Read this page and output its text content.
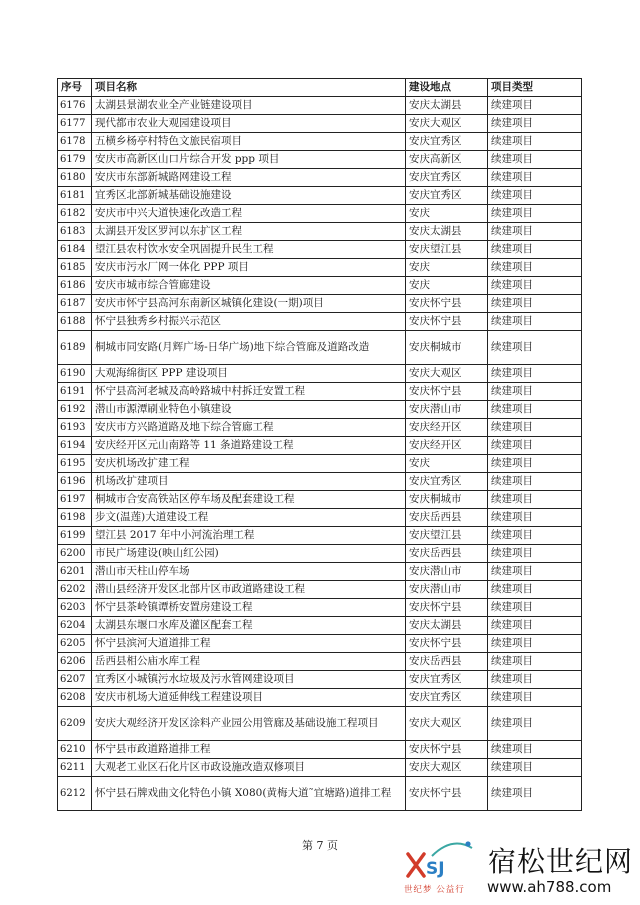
序号	项目名称	建设地点	项目类型
6176	太湖县景湖农业全产业链建设项目	安庆太湖县	续建项目
6177	现代都市农业大观园建设项目	安庆大观区	续建项目
6178	五横乡杨亭村特色文旅民宿项目	安庆宜秀区	续建项目
6179	安庆市高新区山口片综合开发 ppp 项目	安庆高新区	续建项目
6180	安庆市东部新城路网建设工程	安庆宜秀区	续建项目
6181	宜秀区北部新城基础设施建设	安庆宜秀区	续建项目
6182	安庆市中兴大道快速化改造工程	安庆	续建项目
6183	太湖县开发区罗河以东扩区工程	安庆太湖县	续建项目
6184	望江县农村饮水安全巩固提升民生工程	安庆望江县	续建项目
6185	安庆市污水厂网一体化 PPP 项目	安庆	续建项目
6186	安庆市城市综合管廊建设	安庆	续建项目
6187	安庆市怀宁县高河东南新区城镇化建设(一期)项目	安庆怀宁县	续建项目
6188	怀宁县独秀乡村振兴示范区	安庆怀宁县	续建项目
6189	桐城市同安路(月辉广场-日华广场)地下综合管廊及道路改造	安庆桐城市	续建项目
6190	大观海绵街区 PPP 建设项目	安庆大观区	续建项目
6191	怀宁县高河老城及高岭路城中村拆迁安置工程	安庆怀宁县	续建项目
6192	潜山市源潭刷业特色小镇建设	安庆潜山市	续建项目
6193	安庆市方兴路道路及地下综合管廊工程	安庆经开区	续建项目
6194	安庆经开区元山南路等 11 条道路建设工程	安庆经开区	续建项目
6195	安庆机场改扩建工程	安庆	续建项目
6196	机场改扩建项目	安庆宜秀区	续建项目
6197	桐城市合安高铁站区停车场及配套建设工程	安庆桐城市	续建项目
6198	步文(温莲)大道建设工程	安庆岳西县	续建项目
6199	望江县 2017 年中小河流治理工程	安庆望江县	续建项目
6200	市民广场建设(映山红公园)	安庆岳西县	续建项目
6201	潜山市天柱山停车场	安庆潜山市	续建项目
6202	潜山县经济开发区北部片区市政道路建设工程	安庆潜山市	续建项目
6203	怀宁县茶岭镇谭桥安置房建设工程	安庆怀宁县	续建项目
6204	太湖县东堰口水库及灌区配套工程	安庆太湖县	续建项目
6205	怀宁县滨河大道道排工程	安庆怀宁县	续建项目
6206	岳西县相公庙水库工程	安庆岳西县	续建项目
6207	宜秀区小城镇污水垃圾及污水管网建设项目	安庆宜秀区	续建项目
6208	安庆市机场大道延伸线工程建设项目	安庆宜秀区	续建项目
6209	安庆大观经济开发区涂料产业园公用管廊及基础设施工程项目	安庆大观区	续建项目
6210	怀宁县市政道路道排工程	安庆怀宁县	续建项目
6211	大观老工业区石化片区市政设施改造双修项目	安庆大观区	续建项目
6212	怀宁县石牌戏曲文化特色小镇 X080(黄梅大道˜宜塘路)道排工程	安庆怀宁县	续建项目
第 7 页
SJ
世纪梦 公益行
宿松世纪网
www.ah788.com
